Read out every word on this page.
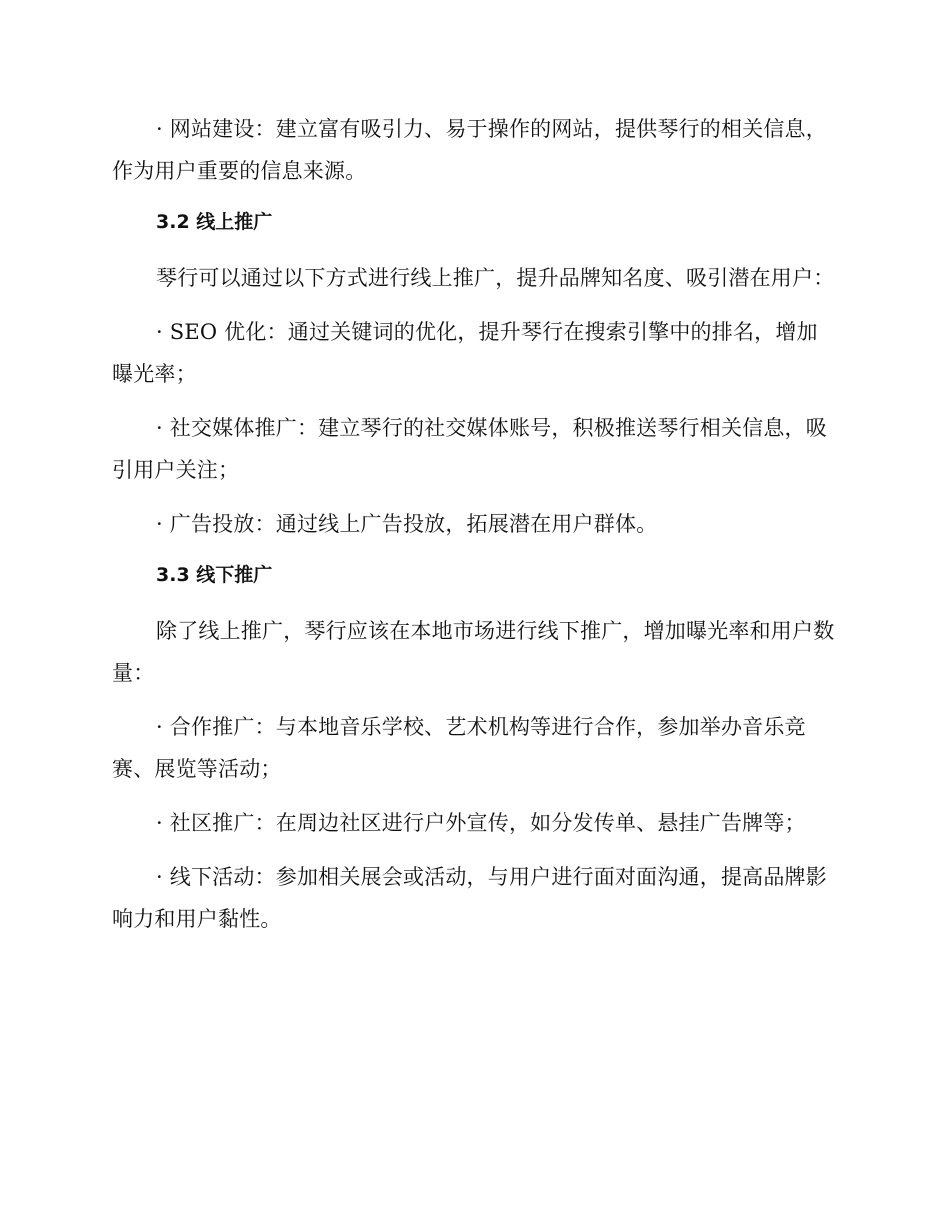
· 网站建设：建立富有吸引力、易于操作的网站，提供琴行的相关信息，作为用户重要的信息来源。

3.2 线上推广

琴行可以通过以下方式进行线上推广，提升品牌知名度、吸引潜在用户：

· SEO 优化：通过关键词的优化，提升琴行在搜索引擎中的排名，增加曝光率；

· 社交媒体推广：建立琴行的社交媒体账号，积极推送琴行相关信息，吸引用户关注；

· 广告投放：通过线上广告投放，拓展潜在用户群体。

3.3 线下推广

除了线上推广，琴行应该在本地市场进行线下推广，增加曝光率和用户数量：

· 合作推广：与本地音乐学校、艺术机构等进行合作，参加举办音乐竞赛、展览等活动；

· 社区推广：在周边社区进行户外宣传，如分发传单、悬挂广告牌等；

· 线下活动：参加相关展会或活动，与用户进行面对面沟通，提高品牌影响力和用户黏性。
